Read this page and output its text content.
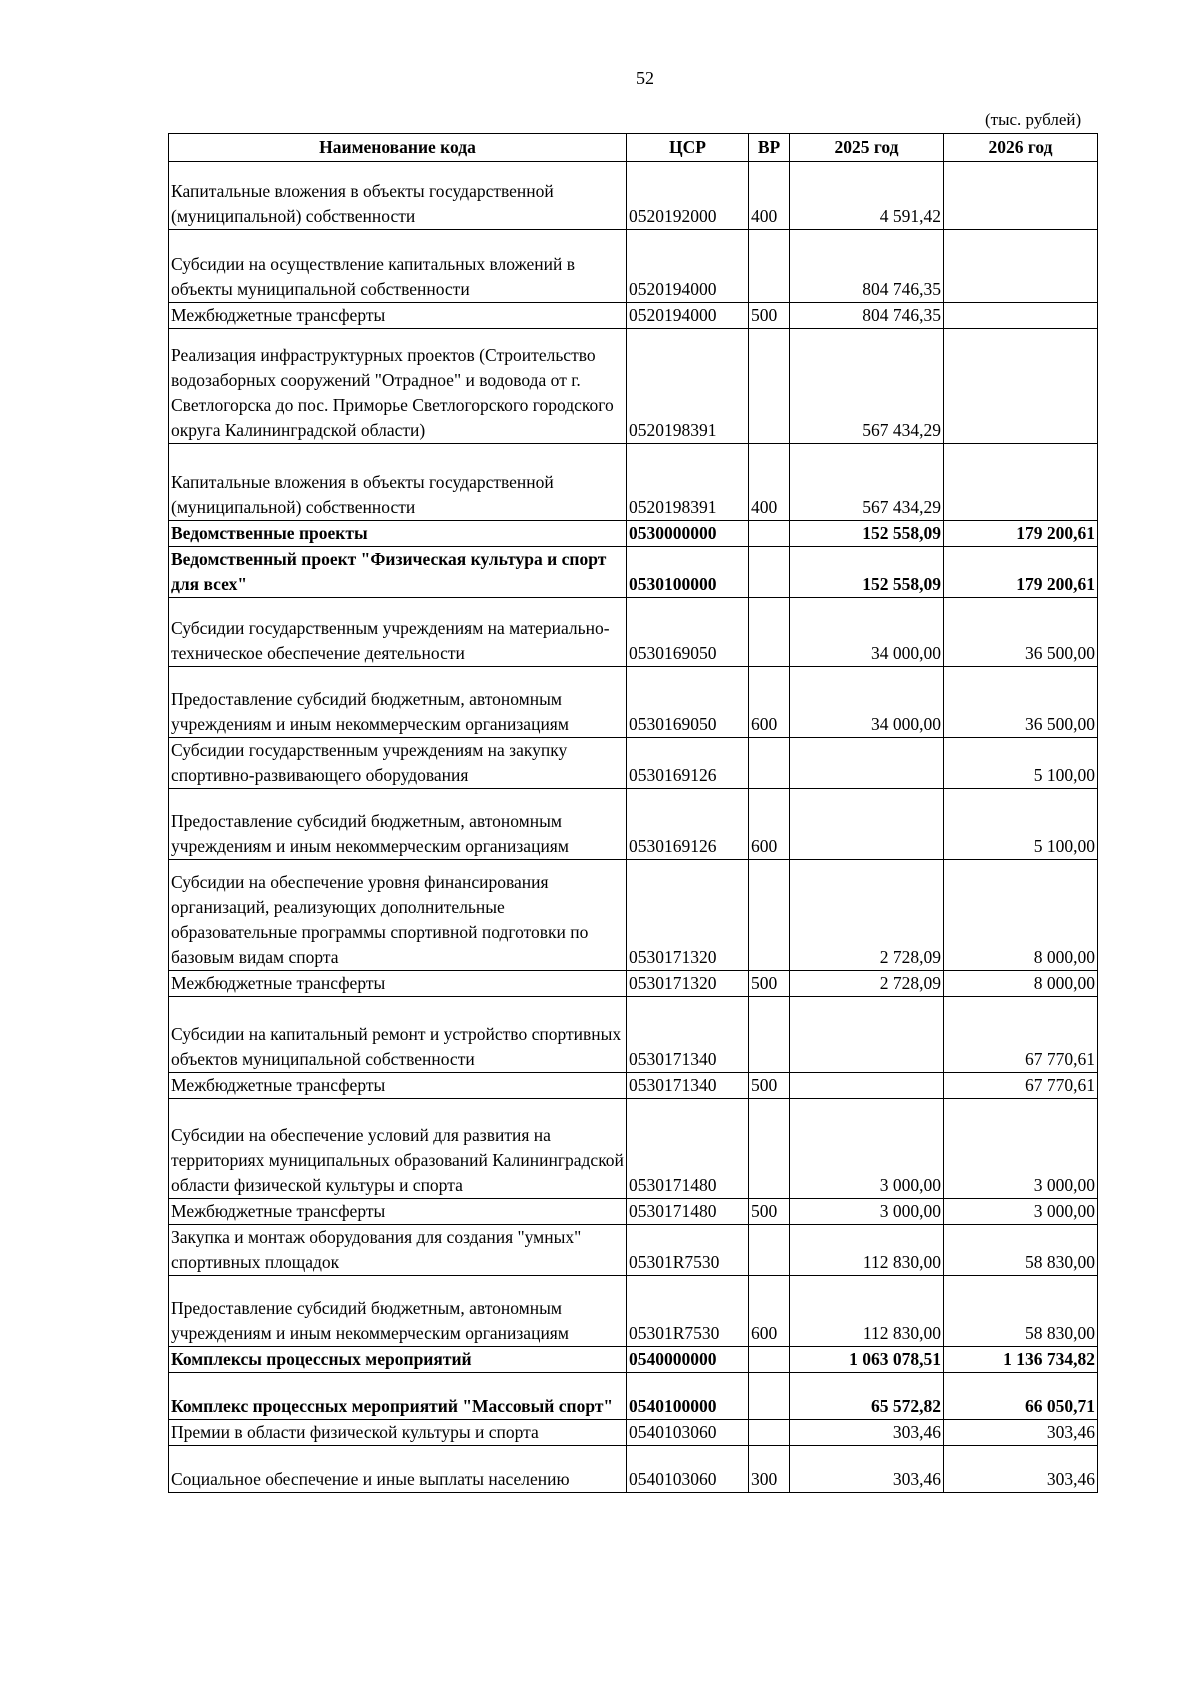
52
(тыс. рублей)
Наименование кода	ЦСР	ВР	2025 год	2026 год
Капитальные вложения в объекты государственной (муниципальной) собственности	0520192000	400	4 591,42	
Субсидии на осуществление капитальных вложений в объекты муниципальной собственности	0520194000		804 746,35	
Межбюджетные трансферты	0520194000	500	804 746,35	
Реализация инфраструктурных проектов (Строительство водозаборных сооружений "Отрадное" и водовода от г. Светлогорска до пос. Приморье Светлогорского городского округа Калининградской области)	0520198391		567 434,29	
Капитальные вложения в объекты государственной (муниципальной) собственности	0520198391	400	567 434,29	
Ведомственные проекты	0530000000		152 558,09	179 200,61
Ведомственный проект "Физическая культура и спорт для всех"	0530100000		152 558,09	179 200,61
Субсидии государственным учреждениям на материально-техническое обеспечение деятельности	0530169050		34 000,00	36 500,00
Предоставление субсидий бюджетным, автономным учреждениям и иным некоммерческим организациям	0530169050	600	34 000,00	36 500,00
Субсидии государственным учреждениям на закупку спортивно-развивающего оборудования	0530169126			5 100,00
Предоставление субсидий бюджетным, автономным учреждениям и иным некоммерческим организациям	0530169126	600		5 100,00
Субсидии на обеспечение уровня финансирования организаций, реализующих дополнительные образовательные программы спортивной подготовки по базовым видам спорта	0530171320		2 728,09	8 000,00
Межбюджетные трансферты	0530171320	500	2 728,09	8 000,00
Субсидии на капитальный ремонт и устройство спортивных объектов муниципальной собственности	0530171340			67 770,61
Межбюджетные трансферты	0530171340	500		67 770,61
Субсидии на обеспечение условий для развития на территориях муниципальных образований Калининградской области физической культуры и спорта	0530171480		3 000,00	3 000,00
Межбюджетные трансферты	0530171480	500	3 000,00	3 000,00
Закупка и монтаж оборудования для создания "умных" спортивных площадок	05301R7530		112 830,00	58 830,00
Предоставление субсидий бюджетным, автономным учреждениям и иным некоммерческим организациям	05301R7530	600	112 830,00	58 830,00
Комплексы процессных мероприятий	0540000000		1 063 078,51	1 136 734,82
Комплекс процессных мероприятий "Массовый спорт"	0540100000		65 572,82	66 050,71
Премии в области физической культуры и спорта	0540103060		303,46	303,46
Социальное обеспечение и иные выплаты населению	0540103060	300	303,46	303,46
